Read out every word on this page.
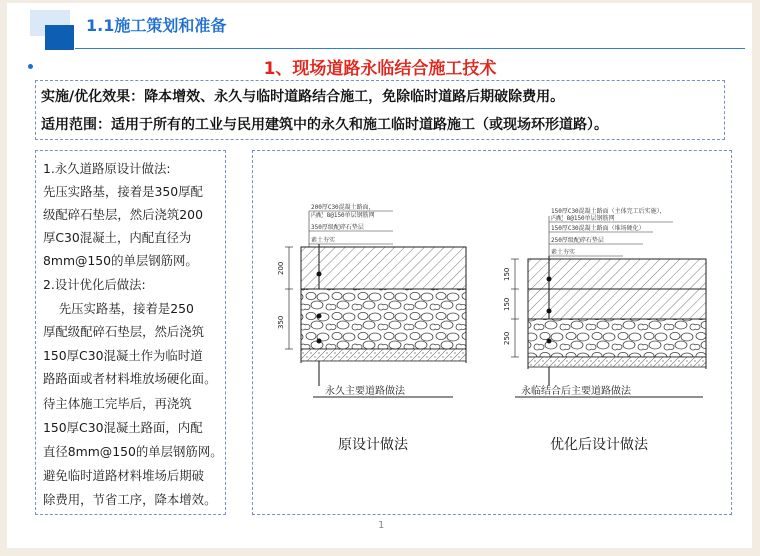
1.1施工策划和准备
1、现场道路永临结合施工技术
实施/优化效果：降本增效、永久与临时道路结合施工，免除临时道路后期破除费用。
适用范围：适用于所有的工业与民用建筑中的永久和施工临时道路施工（或现场环形道路）。
1.永久道路原设计做法:
先压实路基，接着是350厚配
级配碎石垫层，然后浇筑200
厚C30混凝土，内配直径为
8mm@150的单层钢筋网。
2.设计优化后做法:
先压实路基，接着是250
厚配级配碎石垫层，然后浇筑
150厚C30混凝土作为临时道
路路面或者材料堆放场硬化面。
待主体施工完毕后，再浇筑
150厚C30混凝土路面，内配
直径8mm@150的单层钢筋网。
避免临时道路材料堆场后期破
除费用，节省工序，降本增效。
200厚C30混凝土路面，
内配 8@150单层钢筋网
350厚级配碎石垫层
素土夯实
200
350
永久主要道路做法
150厚C30混凝土路面（主体完工后实施），
内配 8@150单层钢筋网
150厚C30混凝土路面（堆场硬化）
250厚级配碎石垫层
素土夯实
150
150
250
永临结合后主要道路做法
原设计做法	优化后设计做法
1
